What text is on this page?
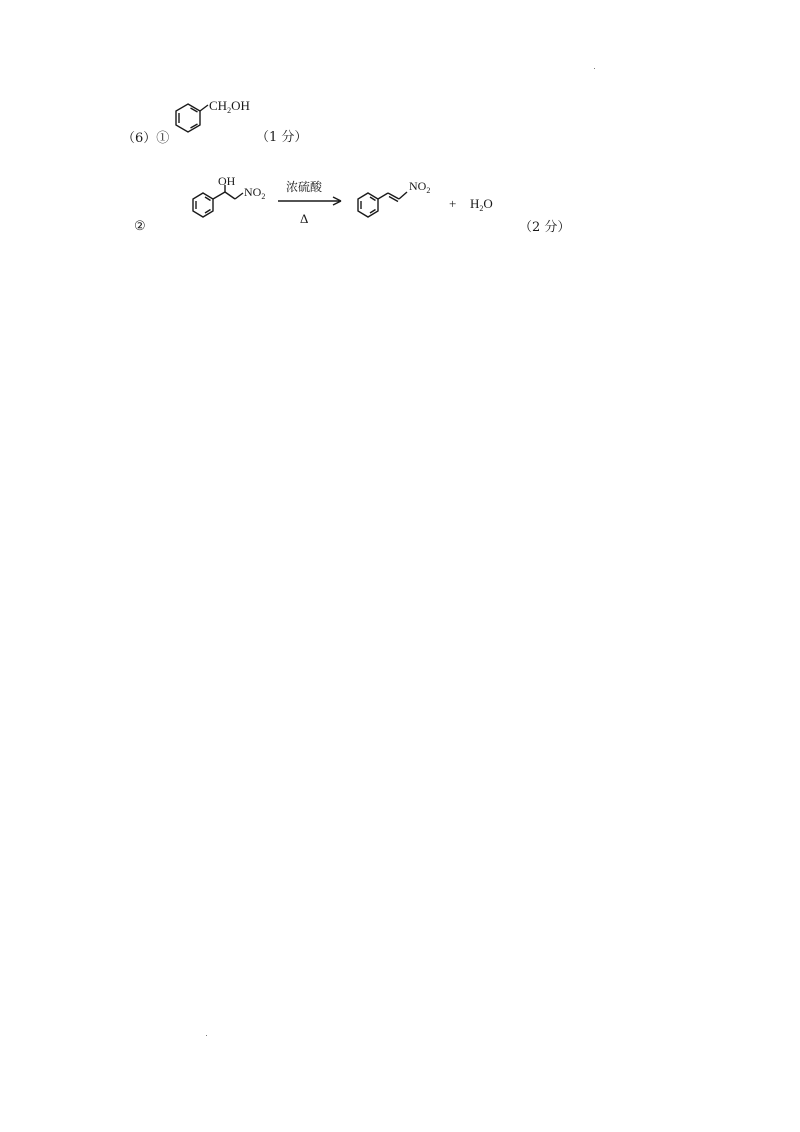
（6）①
$CH_2OH$
（1 分）
②
OH
$NO_2$
浓硫酸
Δ
$NO_2$
+ $H_2O$
（2 分）
